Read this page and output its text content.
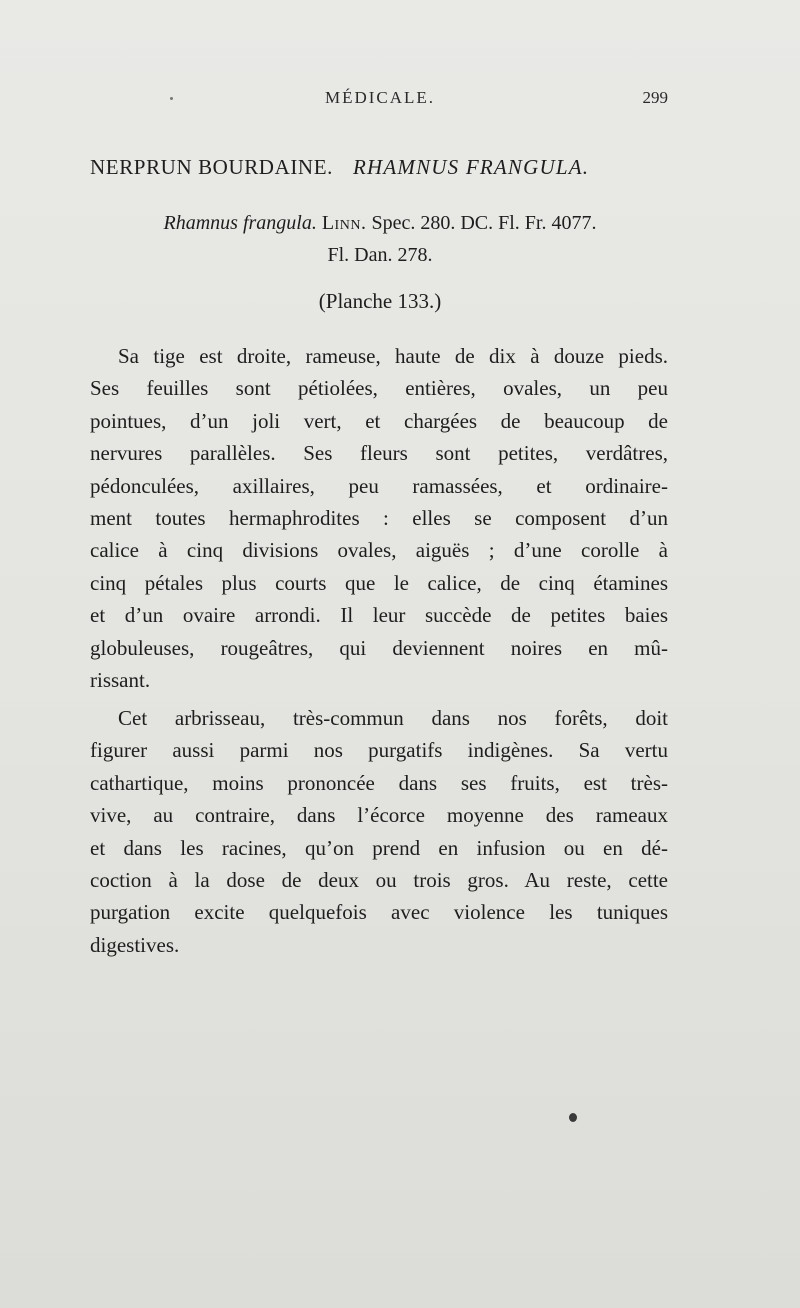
MÉDICALE.	299
NERPRUN BOURDAINE. RHAMNUS FRANGULA.
Rhamnus frangula. Linn. Spec. 280. DC. Fl. Fr. 4077.
Fl. Dan. 278.
(Planche 133.)

Sa tige est droite, rameuse, haute de dix à douze pieds.
Ses feuilles sont pétiolées, entières, ovales, un peu
pointues, d’un joli vert, et chargées de beaucoup de
nervures parallèles. Ses fleurs sont petites, verdâtres,
pédonculées, axillaires, peu ramassées, et ordinaire-
ment toutes hermaphrodites : elles se composent d’un
calice à cinq divisions ovales, aiguës ; d’une corolle à
cinq pétales plus courts que le calice, de cinq étamines
et d’un ovaire arrondi. Il leur succède de petites baies
globuleuses, rougeâtres, qui deviennent noires en mû-
rissant.

Cet arbrisseau, très-commun dans nos forêts, doit
figurer aussi parmi nos purgatifs indigènes. Sa vertu
cathartique, moins prononcée dans ses fruits, est très-
vive, au contraire, dans l’écorce moyenne des rameaux
et dans les racines, qu’on prend en infusion ou en dé-
coction à la dose de deux ou trois gros. Au reste, cette
purgation excite quelquefois avec violence les tuniques
digestives.
